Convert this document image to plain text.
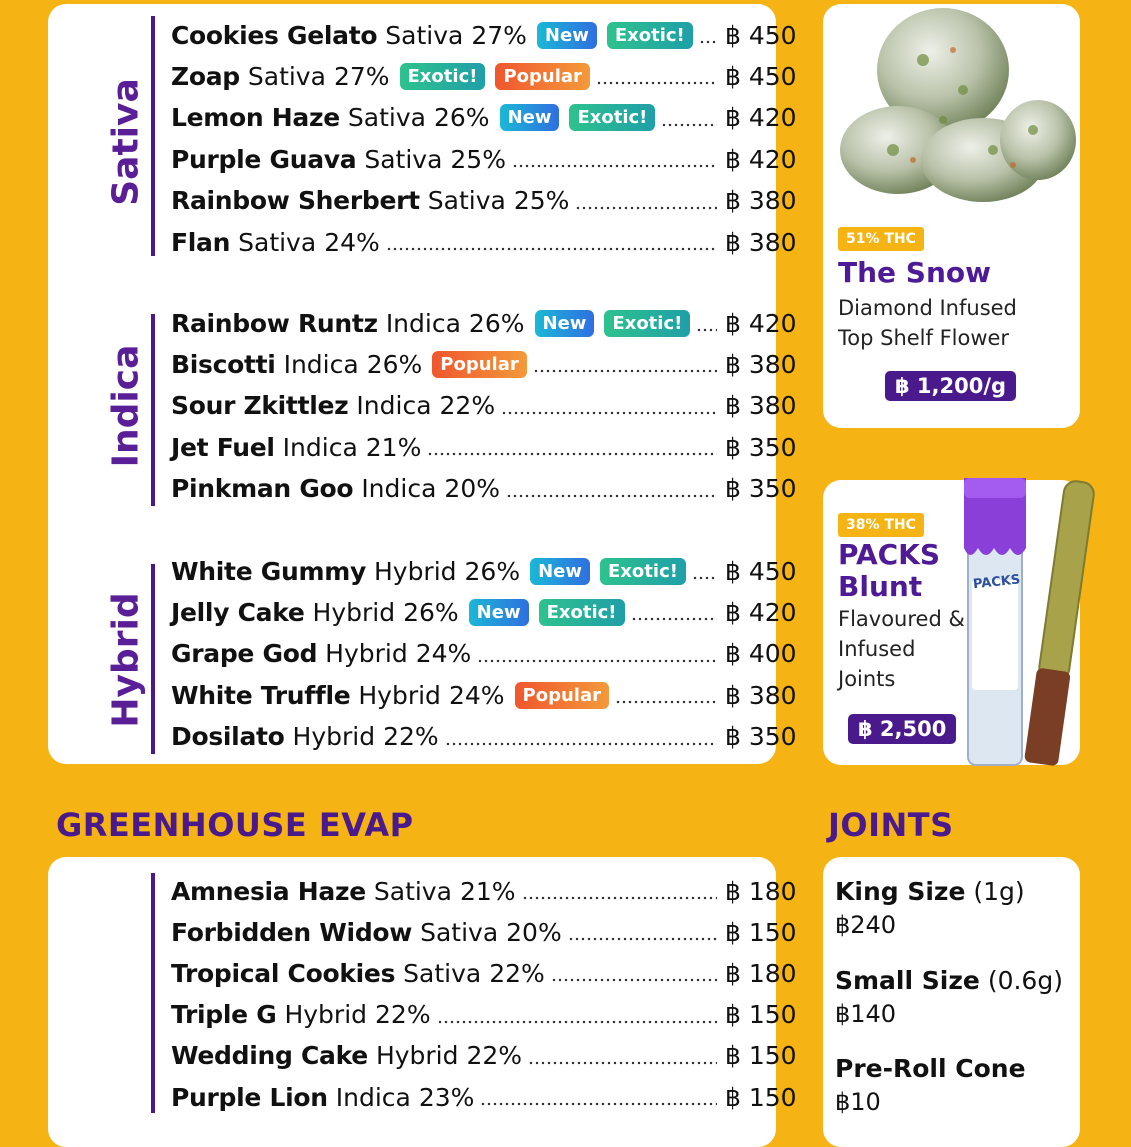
Sativa
Indica
Hybrid
Cookies Gelato Sativa 27%	New	Exotic!	฿ 450
Zoap Sativa 27%	Exotic!	Popular	฿ 450
Lemon Haze Sativa 26%	New	Exotic!	฿ 420
Purple Guava Sativa 25%	฿ 420
Rainbow Sherbert Sativa 25%	฿ 380
Flan Sativa 24%	฿ 380
Rainbow Runtz Indica 26%	New	Exotic!	฿ 420
Biscotti Indica 26%	Popular	฿ 380
Sour Zkittlez Indica 22%	฿ 380
Jet Fuel Indica 21%	฿ 350
Pinkman Goo Indica 20%	฿ 350
White Gummy Hybrid 26%	New	Exotic!	฿ 450
Jelly Cake Hybrid 26%	New	Exotic!	฿ 420
Grape God Hybrid 24%	฿ 400
White Truffle Hybrid 24%	Popular	฿ 380
Dosilato Hybrid 22%	฿ 350
51% THC
The Snow
Diamond Infused
Top Shelf Flower
฿ 1,200/g
38% THC
PACKS
Blunt
Flavoured &
Infused
Joints
฿ 2,500
PACKS
GREENHOUSE EVAP	JOINTS
Amnesia Haze Sativa 21%	฿ 180
Forbidden Widow Sativa 20%	฿ 150
Tropical Cookies Sativa 22%	฿ 180
Triple G Hybrid 22%	฿ 150
Wedding Cake Hybrid 22%	฿ 150
Purple Lion Indica 23%	฿ 150
King Size (1g)
฿240
Small Size (0.6g)
฿140
Pre-Roll Cone
฿10
